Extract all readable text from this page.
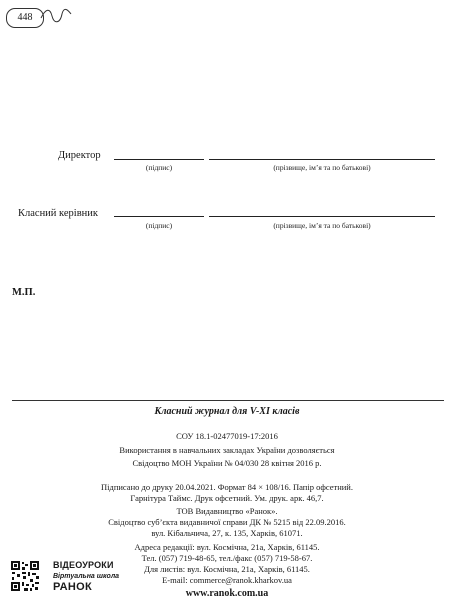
448
Директор
(підпис)	(прізвище, ім’я та по батькові)
Класний керівник
(підпис)	(прізвище, ім’я та по батькові)
М.П.
Класний журнал для V-XI класів
СОУ 18.1-02477019-17:2016
Використання в навчальних закладах України дозволяється
Свідоцтво МОН України № 04/030 28 квітня 2016 р.
Підписано до друку 20.04.2021. Формат 84 × 108/16. Папір офсетний.
Гарнітура Таймс. Друк офсетний. Ум. друк. арк. 46,7.
ТОВ Видавництво «Ранок».
Свідоцтво суб’єкта видавничої справи ДК № 5215 від 22.09.2016.
вул. Кібальчича, 27, к. 135, Харків, 61071.
Адреса редакції: вул. Космічна, 21а, Харків, 61145.
Тел. (057) 719-48-65, тел./факс (057) 719-58-67.
Для листів: вул. Космічна, 21а, Харків, 61145.
E-mail: commerce@ranok.kharkov.ua
www.ranok.com.ua
ВІДЕОУРОКИ
Віртуальна школа
РАНОК
